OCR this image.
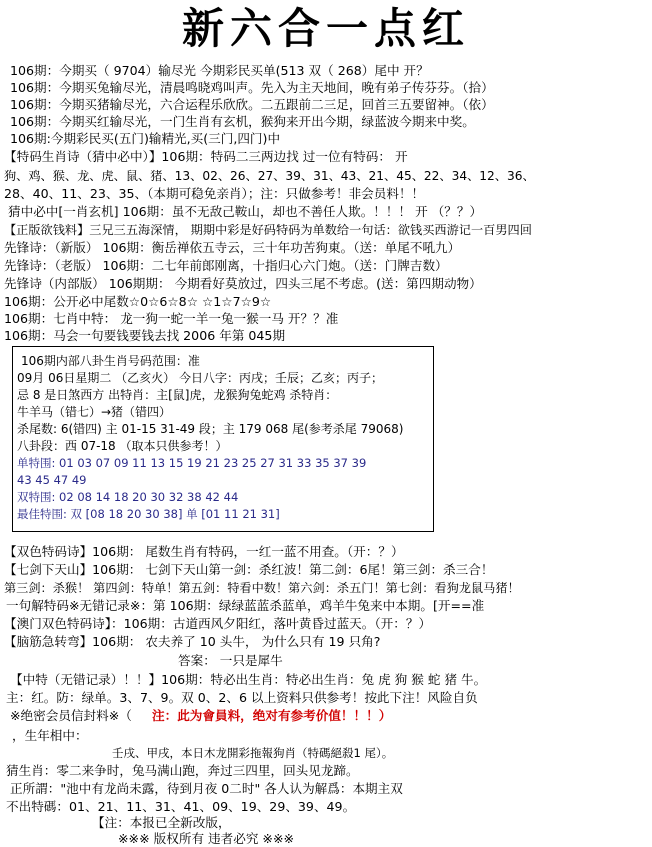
新六合一点红
106期：今期买（ 9704）输尽光 今期彩民买单(513 双（ 268）尾中 开？
106期：今期买兔输尽光，清晨鸣晓鸡叫声。先入为主天地间，晚有弟子传芬芬。（拾）
106期：今期买猪输尽光，六合运程乐欣欣。二五跟前二三足，回首三五要留神。（依）
106期：今期买红输尽光，一门生肖有玄机，猴狗来开出今期，绿蓝波今期来中奖。
106期:今期彩民买(五门)输精光,买(三门,四门)中
【特码生肖诗（猜中必中）】106期：特码二三两边找 过一位有特码： 开
狗、鸡、猴、龙、虎、鼠、猪、13、02、26、27、39、31、43、21、45、22、34、12、36、
28、40、11、23、35、（本期可稳免亲肖）；注：只做参考！非会员料！！
猜中必中[一肖玄机] 106期：虽不无敌己鞍山，却也不善任人欺。！！！ 开 （？？）
【正版欲钱料】三兄三五海深情， 期期中彩是好码特码为单数给一句话：欲钱买西游记一百男四回
先锋诗：（新版） 106期：衡岳禅依五寺云，三十年功苦狗東。（送：单尾不吼九）
先锋诗：（老版） 106期：二七年前郎刚离，十指归心六门炮。（送：门牌吉数）
先锋诗（内部版） 106期期： 今期看好莫放过，四头三尾不考虑。(送：第四期动物）
106期：公开必中尾数☆0☆6☆8☆ ☆1☆7☆9☆
106期：七肖中特： 龙一狗一蛇一羊一兔一猴一马 开？？准
106期：马会一句要钱要钱去找 2006 年第 045期
106期内部八卦生肖号码范围：准
09月 06日星期二 （乙亥火） 今日八字：丙戌；壬辰；乙亥；丙子；
忌 8 是日煞西方 出特肖：主[鼠]虎，龙猴狗兔蛇鸡 杀特肖：
牛羊马（错七）→猪（错四）
杀尾数: 6(错四) 主 01-15 31-49 段；主 179 068 尾(参考杀尾 79068)
八卦段：西 07-18 （取本只供参考！）
单特围: 01 03 07 09 11 13 15 19 21 23 25 27 31 33 35 37 39
43 45 47 49
双特围: 02 08 14 18 20 30 32 38 42 44
最佳特围: 双 [08 18 20 30 38] 单 [01 11 21 31]
【双色特码诗】106期： 尾数生肖有特码，一红一蓝不用查。（开：？）
【七剑下天山】106期： 七剑下天山第一剑：杀红波！第二剑：6尾！第三剑：杀三合！
第三剑：杀猴！ 第四剑：特单！第五剑：特看中数！第六剑：杀五门！第七剑：看狗龙鼠马猪！
一句解特码※无错记录※：第 106期：绿绿蓝蓝杀蓝单，鸡羊牛兔来中本期。[开==准
【澳门双色特码诗】：106期：古道西风夕阳红，落叶黄昏过蓝天。（开：？）
【脑筋急转弯】106期： 农夫养了 10 头牛， 为什么只有 19 只角?
答案： 一只是犀牛
【中特（无错记录）！！】106期：特必出生肖：特必出生肖：兔 虎 狗 猴 蛇 猪 牛。
主：红。防：绿单。3、7、9。双 0、2、6 以上资料只供参考！按此下注！风险自负
※绝密会员信封料※（ 注：此为會員料，绝对有参考价值！！！）
，生年相中：
壬戌、甲戌，本日木龙開彩拖報狗肖（特碼絕殺1 尾）。
猜生肖：零二来争时，兔马满山跑，奔过三四里，回头见龙蹄。
正所謂："池中有龙尚未露，待到月夜 0二时" 各人认为解爲：本期主双
不出特碼：01、21、11、31、41、09、19、29、39、49。
【注：本报已全新改版，
※※※ 版权所有 违者必究 ※※※
